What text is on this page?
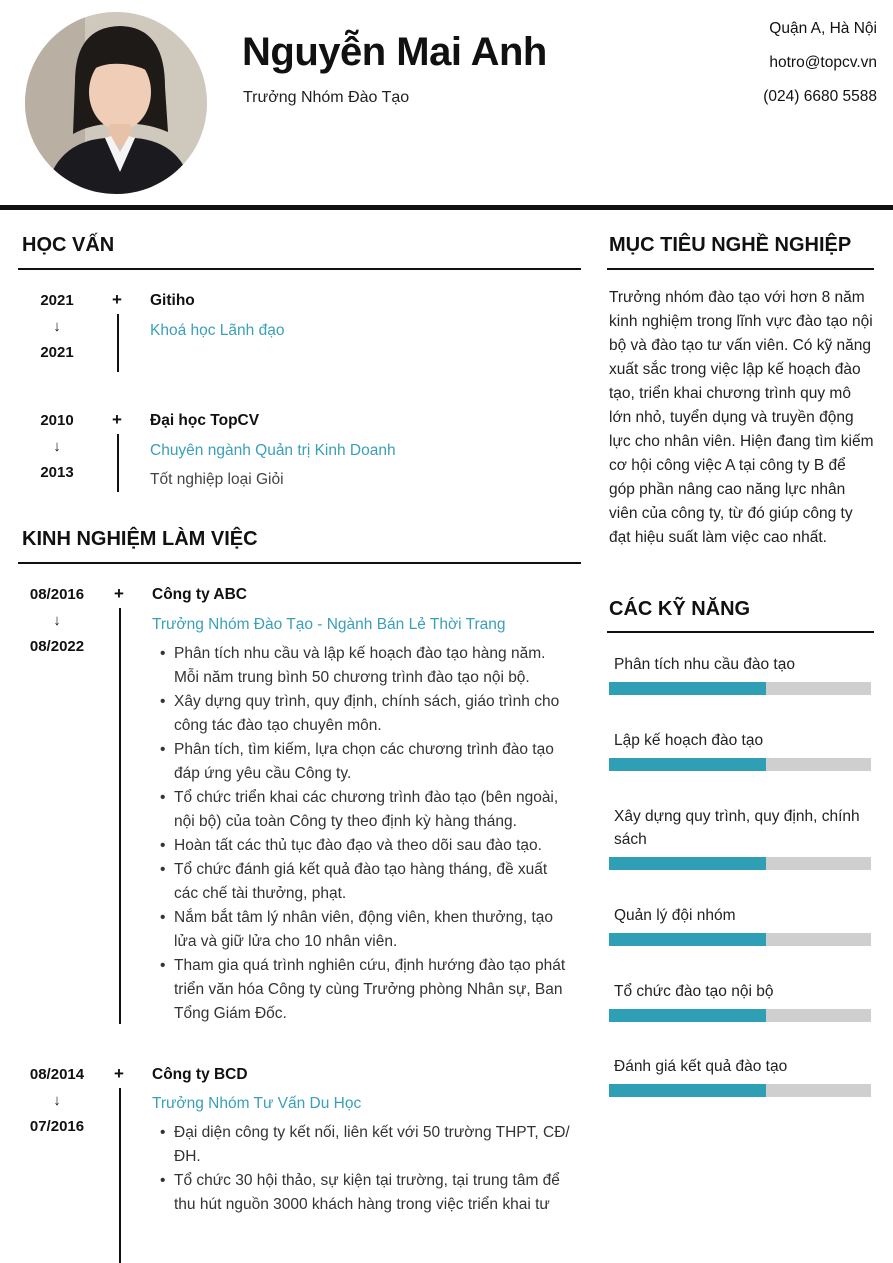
Nguyễn Mai Anh
Trưởng Nhóm Đào Tạo
Quận A, Hà Nội
hotro@topcv.vn
(024) 6680 5588
HỌC VẤN
2021
↓
2021
+ Gitiho
Khoá học Lãnh đạo
2010
↓
2013
+ Đại học TopCV
Chuyên ngành Quản trị Kinh Doanh
Tốt nghiệp loại Giỏi
KINH NGHIỆM LÀM VIỆC
08/2016
↓
08/2022
+ Công ty ABC
Trưởng Nhóm Đào Tạo - Ngành Bán Lẻ Thời Trang
• Phân tích nhu cầu và lập kế hoạch đào tạo hàng năm. Mỗi năm trung bình 50 chương trình đào tạo nội bộ.
• Xây dựng quy trình, quy định, chính sách, giáo trình cho công tác đào tạo chuyên môn.
• Phân tích, tìm kiếm, lựa chọn các chương trình đào tạo đáp ứng yêu cầu Công ty.
• Tổ chức triển khai các chương trình đào tạo (bên ngoài, nội bộ) của toàn Công ty theo định kỳ hàng tháng.
• Hoàn tất các thủ tục đào đạo và theo dõi sau đào tạo.
• Tổ chức đánh giá kết quả đào tạo hàng tháng, đề xuất các chế tài thưởng, phạt.
• Nắm bắt tâm lý nhân viên, động viên, khen thưởng, tạo lửa và giữ lửa cho 10 nhân viên.
• Tham gia quá trình nghiên cứu, định hướng đào tạo phát triển văn hóa Công ty cùng Trưởng phòng Nhân sự, Ban Tổng Giám Đốc.
08/2014
↓
07/2016
+ Công ty BCD
Trưởng Nhóm Tư Vấn Du Học
• Đại diện công ty kết nối, liên kết với 50 trường THPT, CĐ/ ĐH.
• Tổ chức 30 hội thảo, sự kiện tại trường, tại trung tâm để thu hút nguồn 3000 khách hàng trong việc triển khai tư
MỤC TIÊU NGHỀ NGHIỆP
Trưởng nhóm đào tạo với hơn 8 năm kinh nghiệm trong lĩnh vực đào tạo nội bộ và đào tạo tư vấn viên. Có kỹ năng xuất sắc trong việc lập kế hoạch đào tạo, triển khai chương trình quy mô lớn nhỏ, tuyển dụng và truyền động lực cho nhân viên. Hiện đang tìm kiếm cơ hội công việc A tại công ty B để góp phần nâng cao năng lực nhân viên của công ty, từ đó giúp công ty đạt hiệu suất làm việc cao nhất.
CÁC KỸ NĂNG
Phân tích nhu cầu đào tạo
Lập kế hoạch đào tạo
Xây dựng quy trình, quy định, chính sách
Quản lý đội nhóm
Tổ chức đào tạo nội bộ
Đánh giá kết quả đào tạo
